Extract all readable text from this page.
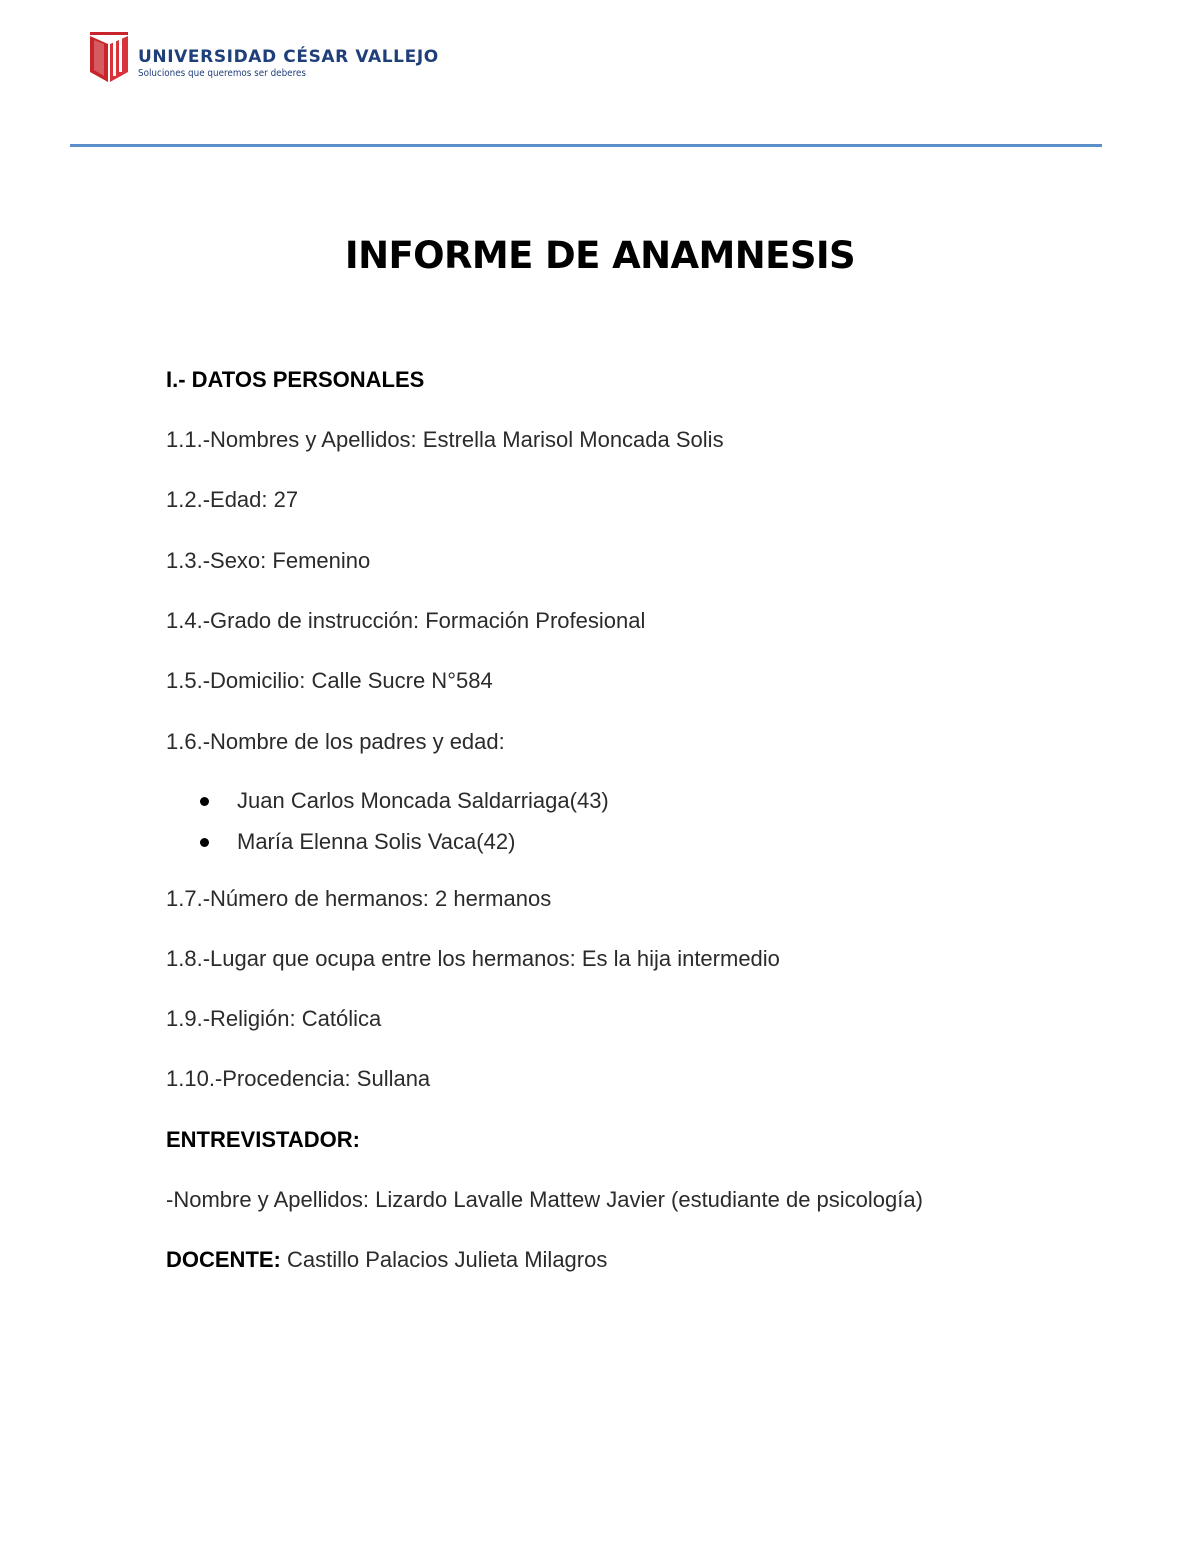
UNIVERSIDAD CÉSAR VALLEJO
Soluciones que queremos ser deberes
INFORME DE ANAMNESIS

I.- DATOS PERSONALES

1.1.-Nombres y Apellidos: Estrella Marisol Moncada Solis

1.2.-Edad: 27

1.3.-Sexo: Femenino

1.4.-Grado de instrucción: Formación Profesional

1.5.-Domicilio: Calle Sucre N°584

1.6.-Nombre de los padres y edad:

Juan Carlos Moncada Saldarriaga(43)
María Elenna Solis Vaca(42)

1.7.-Número de hermanos: 2 hermanos

1.8.-Lugar que ocupa entre los hermanos: Es la hija intermedio

1.9.-Religión: Católica

1.10.-Procedencia: Sullana

ENTREVISTADOR:

-Nombre y Apellidos: Lizardo Lavalle Mattew Javier (estudiante de psicología)

DOCENTE: Castillo Palacios Julieta Milagros
